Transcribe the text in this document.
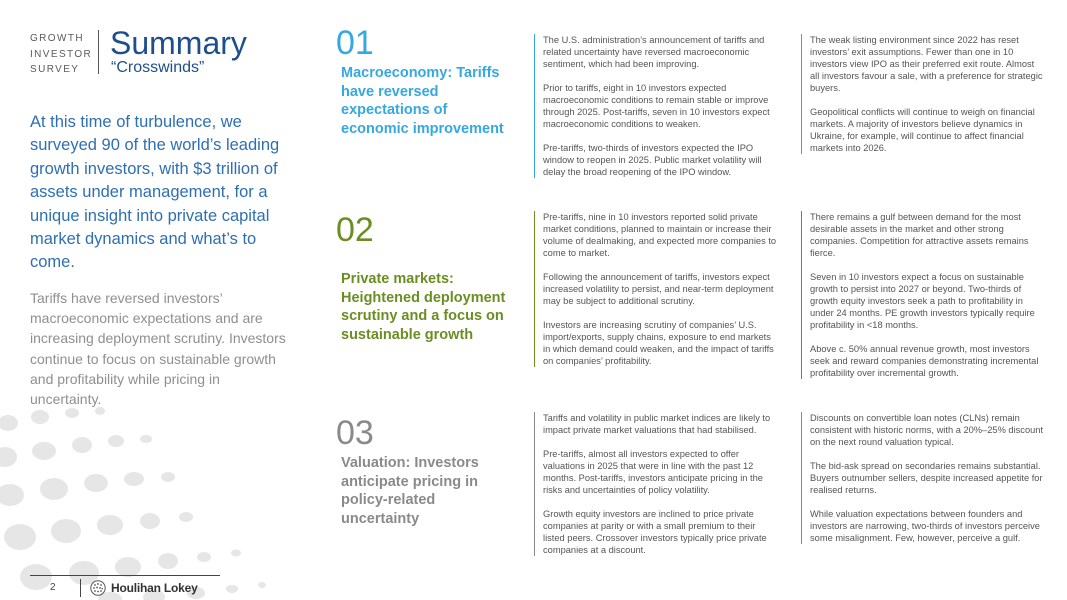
GROWTH
INVESTOR
SURVEY
Summary
“Crosswinds”

At this time of turbulence, we surveyed 90 of the world’s leading growth investors, with $3 trillion of assets under management, for a unique insight into private capital market dynamics and what’s to come.

Tariffs have reversed investors’ macroeconomic expectations and are increasing deployment scrutiny. Investors continue to focus on sustainable growth and profitability while pricing in uncertainty.

01
Macroeconomy: Tariffs have reversed expectations of economic improvement

The U.S. administration’s announcement of tariffs and related uncertainty have reversed macroeconomic sentiment, which had been improving.

Prior to tariffs, eight in 10 investors expected macroeconomic conditions to remain stable or improve through 2025. Post-tariffs, seven in 10 investors expect macroeconomic conditions to weaken.

Pre-tariffs, two-thirds of investors expected the IPO window to reopen in 2025. Public market volatility will delay the broad reopening of the IPO window.

The weak listing environment since 2022 has reset investors’ exit assumptions. Fewer than one in 10 investors view IPO as their preferred exit route. Almost all investors favour a sale, with a preference for strategic buyers.

Geopolitical conflicts will continue to weigh on financial markets. A majority of investors believe dynamics in Ukraine, for example, will continue to affect financial markets into 2026.

02
Private markets: Heightened deployment scrutiny and a focus on sustainable growth

Pre-tariffs, nine in 10 investors reported solid private market conditions, planned to maintain or increase their volume of dealmaking, and expected more companies to come to market.

Following the announcement of tariffs, investors expect increased volatility to persist, and near-term deployment may be subject to additional scrutiny.

Investors are increasing scrutiny of companies’ U.S. import/exports, supply chains, exposure to end markets in which demand could weaken, and the impact of tariffs on companies’ profitability.

There remains a gulf between demand for the most desirable assets in the market and other strong companies. Competition for attractive assets remains fierce.

Seven in 10 investors expect a focus on sustainable growth to persist into 2027 or beyond. Two-thirds of growth equity investors seek a path to profitability in under 24 months. PE growth investors typically require profitability in <18 months.

Above c. 50% annual revenue growth, most investors seek and reward companies demonstrating incremental profitability over incremental growth.

03
Valuation: Investors anticipate pricing in policy-related uncertainty

Tariffs and volatility in public market indices are likely to impact private market valuations that had stabilised.

Pre-tariffs, almost all investors expected to offer valuations in 2025 that were in line with the past 12 months. Post-tariffs, investors anticipate pricing in the risks and uncertainties of policy volatility.

Growth equity investors are inclined to price private companies at parity or with a small premium to their listed peers. Crossover investors typically price private companies at a discount.

Discounts on convertible loan notes (CLNs) remain consistent with historic norms, with a 20%–25% discount on the next round valuation typical.

The bid-ask spread on secondaries remains substantial. Buyers outnumber sellers, despite increased appetite for realised returns.

While valuation expectations between founders and investors are narrowing, two-thirds of investors perceive some misalignment. Few, however, perceive a gulf.

2	Houlihan Lokey
